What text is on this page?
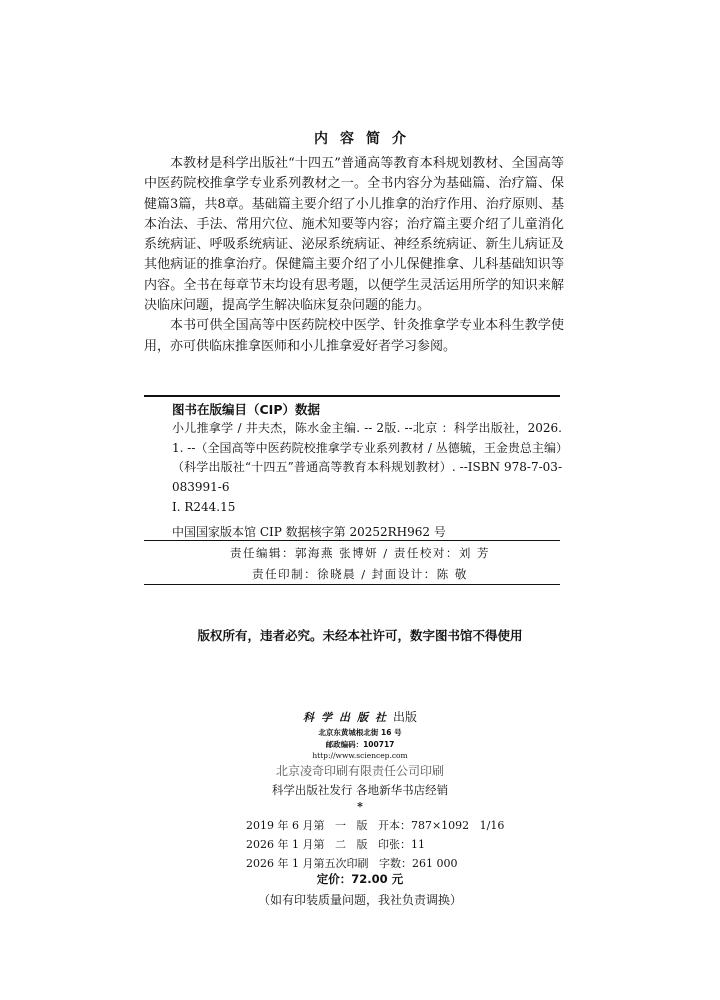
内容简介

本教材是科学出版社“十四五”普通高等教育本科规划教材、全国高等中医药院校推拿学专业系列教材之一。全书内容分为基础篇、治疗篇、保健篇3篇，共8章。基础篇主要介绍了小儿推拿的治疗作用、治疗原则、基本治法、手法、常用穴位、施术知要等内容；治疗篇主要介绍了儿童消化系统病证、呼吸系统病证、泌尿系统病证、神经系统病证、新生儿病证及其他病证的推拿治疗。保健篇主要介绍了小儿保健推拿、儿科基础知识等内容。全书在每章节末均设有思考题，以便学生灵活运用所学的知识来解决临床问题，提高学生解决临床复杂问题的能力。

本书可供全国高等中医药院校中医学、针灸推拿学专业本科生教学使用，亦可供临床推拿医师和小儿推拿爱好者学习参阅。

图书在版编目（CIP）数据

小儿推拿学 / 井夫杰，陈水金主编. -- 2版. --北京 ：科学出版社，2026. 1. --（全国高等中医药院校推拿学专业系列教材 / 丛德毓，王金贵总主编）（科学出版社“十四五”普通高等教育本科规划教材）. --ISBN 978-7-03-083991-6

Ⅰ. R244.15
中国国家版本馆 CIP 数据核字第 20252RH962 号
责任编辑：郭海燕 张博妍 / 责任校对：刘 芳
责任印制：徐晓晨 / 封面设计：陈 敬
版权所有，违者必究。未经本社许可，数字图书馆不得使用
科学出版社出版
北京东黄城根北街 16 号
邮政编码：100717
http://www.sciencep.com
北京凌奇印刷有限责任公司印刷
科学出版社发行 各地新华书店经销
*
2019 年 6 月第   一   版   开本：787×1092   1/16
2026 年 1 月第   二   版   印张：11
2026 年 1 月第五次印刷   字数：261 000
定价：72.00 元
（如有印装质量问题，我社负责调换）
